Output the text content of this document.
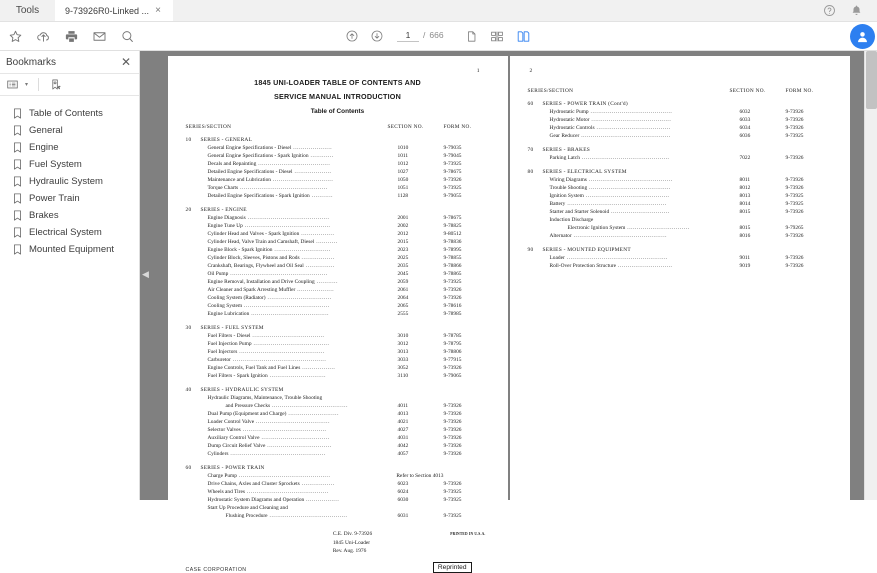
Tools	9-73926R0-Linked ... ×
1
/ 666
Bookmarks	✕
▾
Table of Contents
General
Engine
Fuel System
Hydraulic System
Power Train
Brakes
Electrical System
Mounted Equipment
◀
1
1845 UNI-LOADER TABLE OF CONTENTS AND
SERVICE MANUAL INTRODUCTION
Table of Contents
SERIES/SECTION	SECTION NO.	FORM NO.
10	SERIES - GENERAL
General Engine Specifications - Diesel ....................	1010	9-79035
General Engine Specifications - Spark Ignition ............	1011	9-79045
Decals and Repainting .....................................	1012	9-73925
Detailed Engine Specifications - Diesel ...................	1027	9-78675
Maintenance and Lubrication ...............................	1050	9-73926
Torque Charts .............................................	1051	9-73925
Detailed Engine Specifications - Spark Ignition ...........	1128	9-79055
20	SERIES - ENGINE
Engine Diagnosis ..........................................	2001	9-78675
Engine Tune Up ............................................	2002	9-78825
Cylinder Head and Valves - Spark Ignition .................	2012	9-80512
Cylinder Head, Valve Train and Camshaft, Diesel ...........	2015	9-78836
Engine Block - Spark Ignition .............................	2023	9-78995
Cylinder Block, Sleeves, Pistons and Rods .................	2025	9-78855
Crankshaft, Bearings, Flywheel and Oil Seal ...............	2035	9-78866
Oil Pump ..................................................	2045	9-78865
Engine Removal, Installation and Drive Coupling ...........	2059	9-73925
Air Cleaner and Spark Arresting Muffler ...................	2061	9-73926
Cooling System (Radiator) .................................	2064	9-73926
Cooling System ............................................	2065	9-78616
Engine Lubrication ........................................	2555	9-78985
30	SERIES - FUEL SYSTEM
Fuel Filters - Diesel .....................................	3010	9-78785
Fuel Injection Pump .......................................	3012	9-78795
Fuel Injectors ............................................	3013	9-78806
Carburetor ................................................	3033	9-77915
Engine Controls, Fuel Tank and Fuel Lines .................	3052	9-73926
Fuel Filters - Spark Ignition .............................	3110	9-79065
40	SERIES - HYDRAULIC SYSTEM
Hydraulic Diagrams, Maintenance, Trouble Shooting
and Pressure Checks .......................................	4011	9-73926
Dual Pump (Equipment and Charge) ..........................	4013	9-73926
Loader Control Valve ......................................	4021	9-73926
Selector Valves ...........................................	4027	9-73926
Auxiliary Control Valve ...................................	4031	9-73926
Dump Circuit Relief Valve .................................	4042	9-73926
Cylinders .................................................	4057	9-73926
60	SERIES - POWER TRAIN
Charge Pump ...............................................	Refer to Section 4013
Drive Chains, Axles and Cluster Sprockets .................	6023	9-73926
Wheels and Tires ..........................................	6024	9-73925
Hydrostatic System Diagrams and Operation .................	6030	9-73925
Start Up Procedure and Cleaning and
Flushing Procedure ........................................	6031	9-73925
C.E. Div. 9-73926
1845 Uni-Loader
Rev. Aug. 1976
PRINTED IN U.S.A.
CASE CORPORATION	Reprinted
2
SERIES/SECTION	SECTION NO.	FORM NO.
60	SERIES - POWER TRAIN (Cont'd)
Hydrostatic Pump ..........................................	6032	9-73926
Hydrostatic Motor .........................................	6033	9-73926
Hydrostatic Controls ......................................	6034	9-73926
Gear Reducer ..............................................	6036	9-73925
70	SERIES - BRAKES
Parking Latch .............................................	7022	9-73926
80	SERIES - ELECTRICAL SYSTEM
Wiring Diagrams ...........................................	8011	9-73926
Trouble Shooting ..........................................	8012	9-73926
Ignition System ...........................................	8013	9-73925
Battery ...................................................	8014	9-73925
Starter and Starter Solenoid ..............................	8015	9-73926
Induction Discharge
Electronic Ignition System ................................	8015	9-79265
Alternator ................................................	8016	9-73926
90	SERIES - MOUNTED EQUIPMENT
Loader ....................................................	9011	9-73926
Roll-Over Protection Structure ............................	9019	9-73926
